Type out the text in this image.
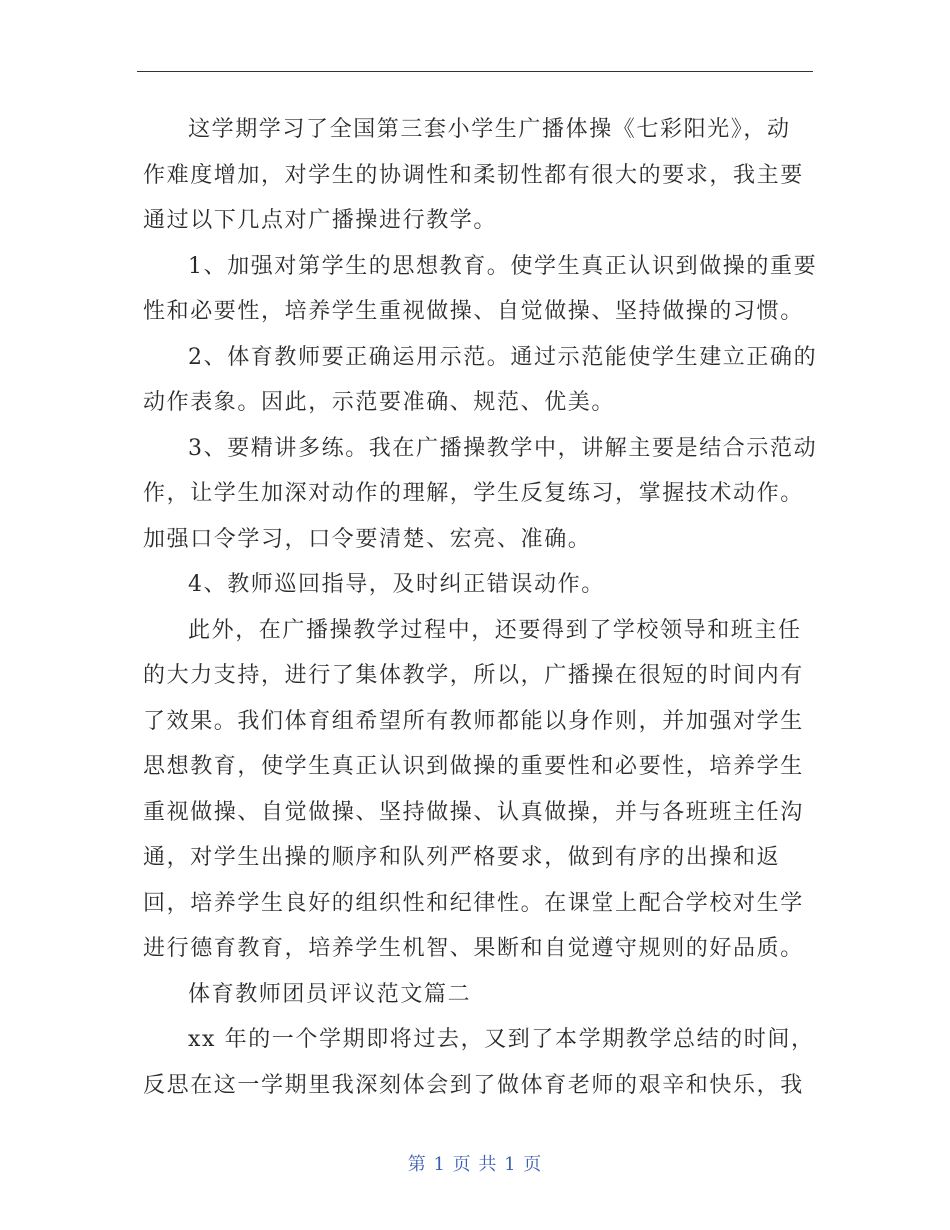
这学期学习了全国第三套小学生广播体操《七彩阳光》，动
作难度增加，对学生的协调性和柔韧性都有很大的要求，我主要
通过以下几点对广播操进行教学。
1、加强对第学生的思想教育。使学生真正认识到做操的重要
性和必要性，培养学生重视做操、自觉做操、坚持做操的习惯。
2、体育教师要正确运用示范。通过示范能使学生建立正确的
动作表象。因此，示范要准确、规范、优美。
3、要精讲多练。我在广播操教学中，讲解主要是结合示范动
作，让学生加深对动作的理解，学生反复练习，掌握技术动作。
加强口令学习，口令要清楚、宏亮、准确。
4、教师巡回指导，及时纠正错误动作。
此外，在广播操教学过程中，还要得到了学校领导和班主任
的大力支持，进行了集体教学，所以，广播操在很短的时间内有
了效果。我们体育组希望所有教师都能以身作则，并加强对学生
思想教育，使学生真正认识到做操的重要性和必要性，培养学生
重视做操、自觉做操、坚持做操、认真做操，并与各班班主任沟
通，对学生出操的顺序和队列严格要求，做到有序的出操和返
回，培养学生良好的组织性和纪律性。在课堂上配合学校对生学
进行德育教育，培养学生机智、果断和自觉遵守规则的好品质。
体育教师团员评议范文篇二
xx 年的一个学期即将过去，又到了本学期教学总结的时间，
反思在这一学期里我深刻体会到了做体育老师的艰辛和快乐，我
第 1 页 共 1 页
